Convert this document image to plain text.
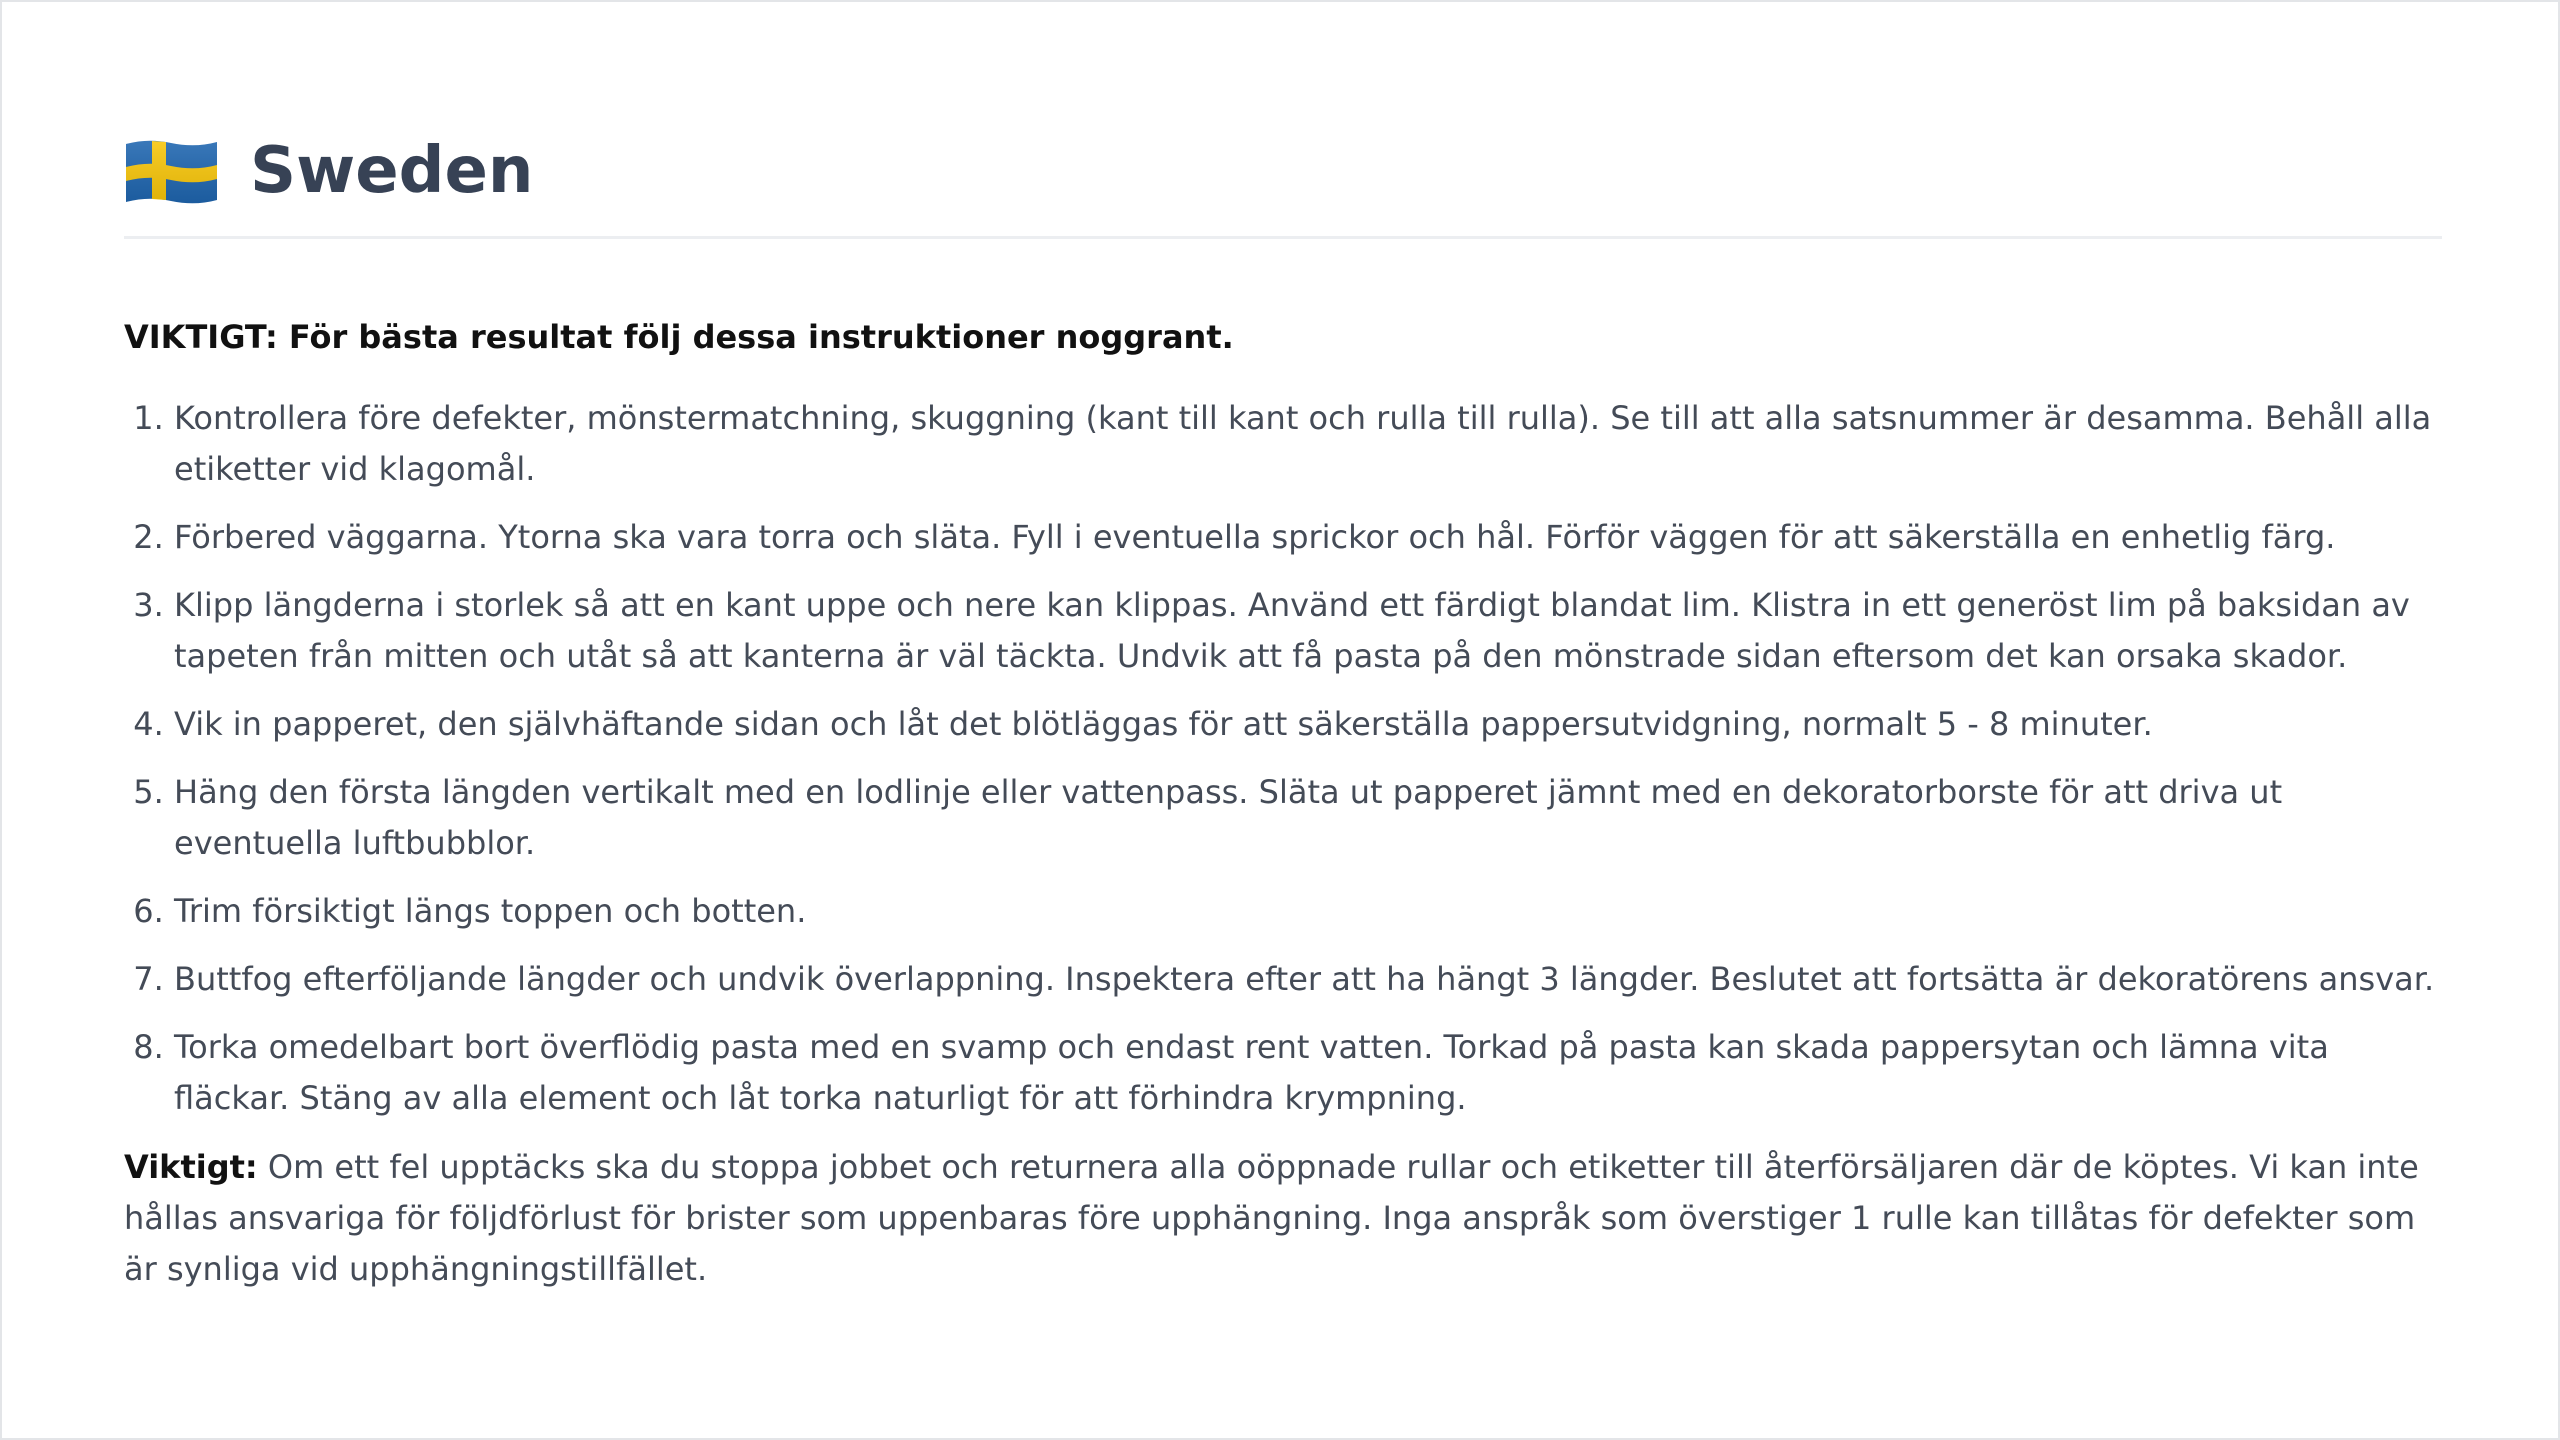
Sweden
VIKTIGT: För bästa resultat följ dessa instruktioner noggrant.
1. Kontrollera före defekter, mönstermatchning, skuggning (kant till kant och rulla till rulla). Se till att alla satsnummer är desamma. Behåll alla etiketter vid klagomål.
2. Förbered väggarna. Ytorna ska vara torra och släta. Fyll i eventuella sprickor och hål. Förför väggen för att säkerställa en enhetlig färg.
3. Klipp längderna i storlek så att en kant uppe och nere kan klippas. Använd ett färdigt blandat lim. Klistra in ett generöst lim på baksidan av tapeten från mitten och utåt så att kanterna är väl täckta. Undvik att få pasta på den mönstrade sidan eftersom det kan orsaka skador.
4. Vik in papperet, den självhäftande sidan och låt det blötläggas för att säkerställa pappersutvidgning, normalt 5 - 8 minuter.
5. Häng den första längden vertikalt med en lodlinje eller vattenpass. Släta ut papperet jämnt med en dekoratorborste för att driva ut eventuella luftbubblor.
6. Trim försiktigt längs toppen och botten.
7. Buttfog efterföljande längder och undvik överlappning. Inspektera efter att ha hängt 3 längder. Beslutet att fortsätta är dekoratörens ansvar.
8. Torka omedelbart bort överflödig pasta med en svamp och endast rent vatten. Torkad på pasta kan skada pappersytan och lämna vita fläckar. Stäng av alla element och låt torka naturligt för att förhindra krympning.

Viktigt: Om ett fel upptäcks ska du stoppa jobbet och returnera alla oöppnade rullar och etiketter till återförsäljaren där de köptes. Vi kan inte hållas ansvariga för följdförlust för brister som uppenbaras före upphängning. Inga anspråk som överstiger 1 rulle kan tillåtas för defekter som är synliga vid upphängningstillfället.
